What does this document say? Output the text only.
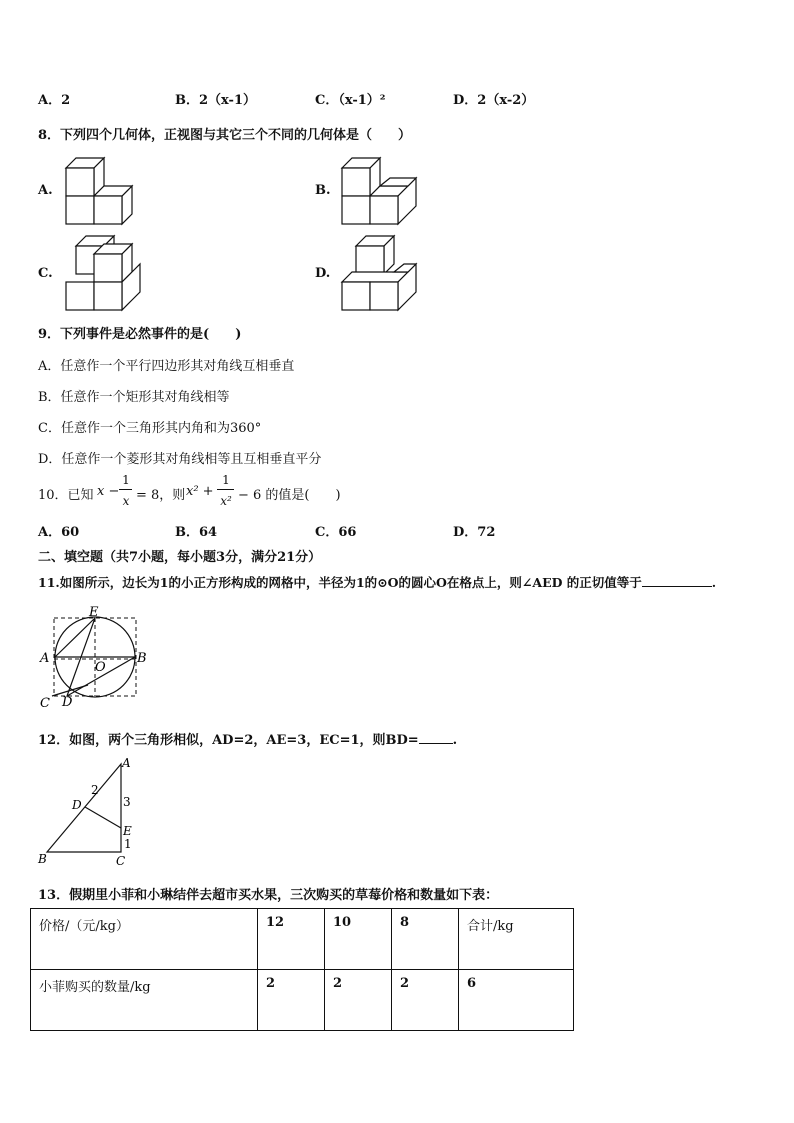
A．2	B．2（x-1）	C．（x-1）²	D．2（x-2）
8．下列四个几何体，正视图与其它三个不同的几何体是（　　）
A.	B.
C.	D.
9．下列事件是必然事件的是(　　)
A．任意作一个平行四边形其对角线互相垂直
B．任意作一个矩形其对角线相等
C．任意作一个三角形其内角和为360°
D．任意作一个菱形其对角线相等且互相垂直平分
10．已知 x −
1
x = 8，则 x² +
1
x² − 6 的值是(　　)
A．60	B．64	C．66	D．72
二、填空题（共7小题，每小题3分，满分21分）
11.如图所示，边长为1的小正方形构成的网格中，半径为1的⊙O的圆心O在格点上，则∠AED 的正切值等于	.
E
A	B
O
C D
12．如图，两个三角形相似，AD=2，AE=3，EC=1，则BD=	.
A
B	C
D
E
2
3
1
13．假期里小菲和小琳结伴去超市买水果，三次购买的草莓价格和数量如下表：
价格/（元/kg）	12	10	8	合计/kg
小菲购买的数量/kg	2	2	2	6
